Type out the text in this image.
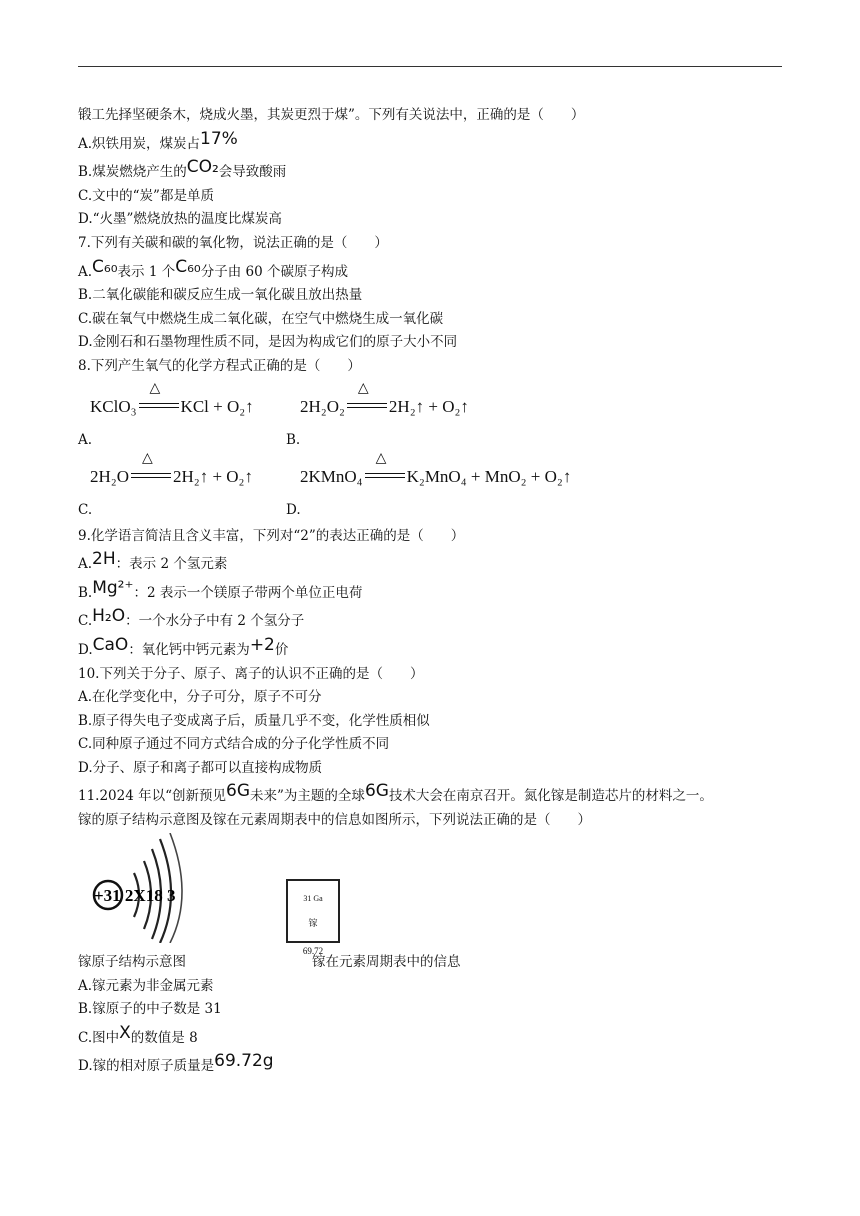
锻工先择坚硬条木，烧成火墨，其炭更烈于煤”。下列有关说法中，正确的是（　　）
A.炽铁用炭，煤炭占17%
B.煤炭燃烧产生的CO₂会导致酸雨
C.文中的“炭”都是单质
D.“火墨”燃烧放热的温度比煤炭高
7.下列有关碳和碳的氧化物，说法正确的是（　　）
A.C₆₀表示 1 个C₆₀分子由 60 个碳原子构成
B.二氧化碳能和碳反应生成一氧化碳且放出热量
C.碳在氧气中燃烧生成二氧化碳，在空气中燃烧生成一氧化碳
D.金刚石和石墨物理性质不同，是因为构成它们的原子大小不同
8.下列产生氧气的化学方程式正确的是（　　）
KClO₃
△
KCl + O₂↑
A.
2H₂O₂
△
2H₂↑ + O₂↑
B.
2H₂O
△
2H₂↑ + O₂↑
C.
2KMnO₄
△
K₂MnO₄ + MnO₂ + O₂↑
D.
9.化学语言简洁且含义丰富，下列对“2”的表达正确的是（　　）
A.2H：表示 2 个氢元素
B.Mg²⁺：2 表示一个镁原子带两个单位正电荷
C.H₂O：一个水分子中有 2 个氢分子
D.CaO：氧化钙中钙元素为+2价
10.下列关于分子、原子、离子的认识不正确的是（　　）
A.在化学变化中，分子可分，原子不可分
B.原子得失电子变成离子后，质量几乎不变，化学性质相似
C.同种原子通过不同方式结合成的分子化学性质不同
D.分子、原子和离子都可以直接构成物质
11.2024 年以“创新预见6G未来”为主题的全球6G技术大会在南京召开。氮化镓是制造芯片的材料之一。
镓的原子结构示意图及镓在元素周期表中的信息如图所示，下列说法正确的是（　　）
+31 2X18 3	31 Ga
镓
69.72
镓原子结构示意图	镓在元素周期表中的信息
A.镓元素为非金属元素
B.镓原子的中子数是 31
C.图中X的数值是 8
D.镓的相对原子质量是69.72g
